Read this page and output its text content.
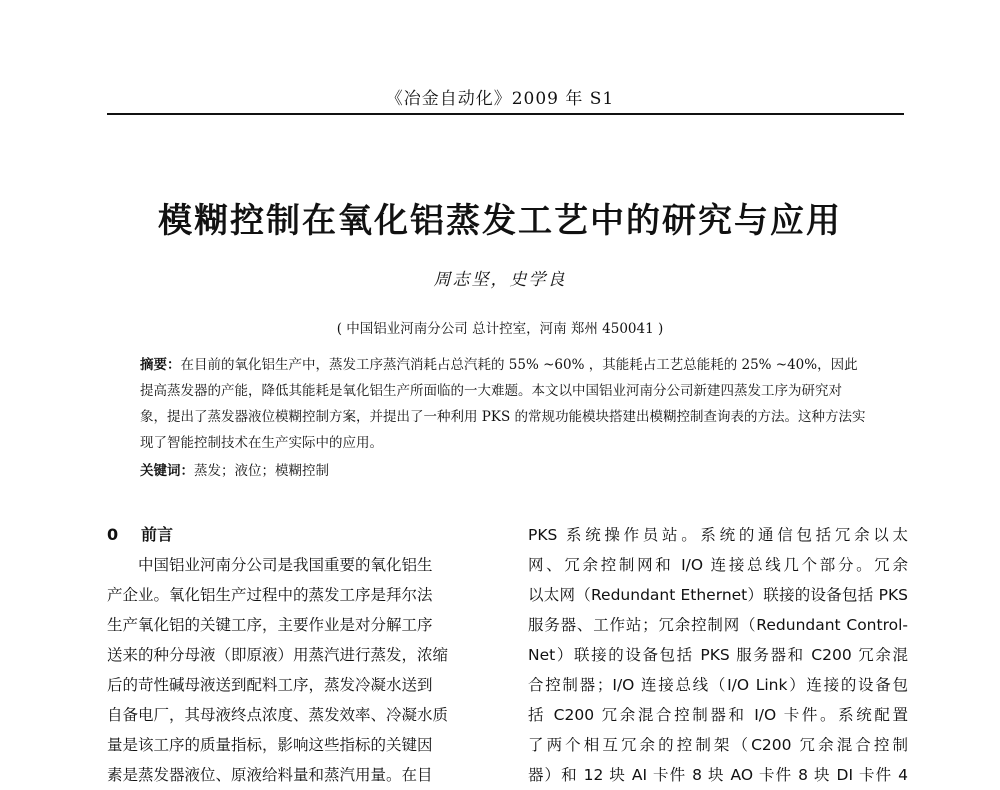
《冶金自动化》2009 年 S1
模糊控制在氧化铝蒸发工艺中的研究与应用
周志坚，史学良
( 中国铝业河南分公司 总计控室，河南 郑州 450041 )
摘要：在目前的氧化铝生产中，蒸发工序蒸汽消耗占总汽耗的 55% ~60% ，其能耗占工艺总能耗的 25% ~40%，因此提高蒸发器的产能，降低其能耗是氧化铝生产所面临的一大难题。本文以中国铝业河南分公司新建四蒸发工序为研究对象，提出了蒸发器液位模糊控制方案，并提出了一种利用 PKS 的常规功能模块搭建出模糊控制查询表的方法。这种方法实现了智能控制技术在生产实际中的应用。
关键词：蒸发；液位；模糊控制
0 前言
中国铝业河南分公司是我国重要的氧化铝生
产企业。氧化铝生产过程中的蒸发工序是拜尔法
生产氧化铝的关键工序，主要作业是对分解工序
送来的种分母液（即原液）用蒸汽进行蒸发，浓缩
后的苛性碱母液送到配料工序，蒸发冷凝水送到
自备电厂，其母液终点浓度、蒸发效率、冷凝水质
量是该工序的质量指标，影响这些指标的关键因
素是蒸发器液位、原液给料量和蒸汽用量。在目
PKS 系统操作员站。系统的通信包括冗余以太
网、冗余控制网和 I/O 连接总线几个部分。冗余
以太网（Redundant Ethernet）联接的设备包括 PKS
服务器、工作站；冗余控制网（Redundant Control-
Net）联接的设备包括 PKS 服务器和 C200 冗余混
合控制器；I/O 连接总线（I/O Link）连接的设备包
括 C200 冗余混合控制器和 I/O 卡件。系统配置
了两个相互冗余的控制架（C200 冗余混合控制
器）和 12 块 AI 卡件 8 块 AO 卡件 8 块 DI 卡件 4
